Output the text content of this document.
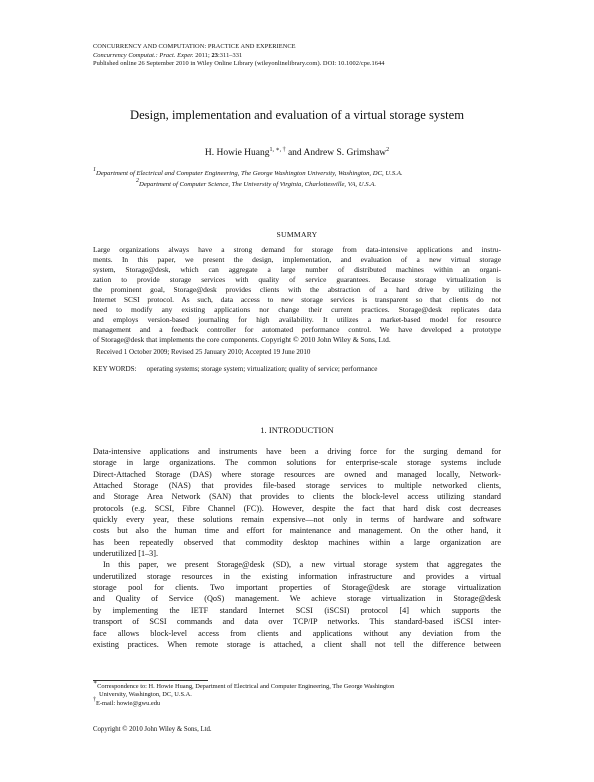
CONCURRENCY AND COMPUTATION: PRACTICE AND EXPERIENCE
Concurrency Computat.: Pract. Exper. 2011; 23:311–331
Published online 26 September 2010 in Wiley Online Library (wileyonlinelibrary.com). DOI: 10.1002/cpe.1644
Design, implementation and evaluation of a virtual storage system
H. Howie Huang$^{1, ∗, \dagger}$ and Andrew S. Grimshaw$^2$
$^1$Department of Electrical and Computer Engineering, The George Washington University, Washington, DC, U.S.A.
$^2$Department of Computer Science, The University of Virginia, Charlottesville, VA, U.S.A.
SUMMARY
Large organizations always have a strong demand for storage from data-intensive applications and instru-
ments. In this paper, we present the design, implementation, and evaluation of a new virtual storage
system, Storage@desk, which can aggregate a large number of distributed machines within an organi-
zation to provide storage services with quality of service guarantees. Because storage virtualization is
the prominent goal, Storage@desk provides clients with the abstraction of a hard drive by utilizing the
Internet SCSI protocol. As such, data access to new storage services is transparent so that clients do not
need to modify any existing applications nor change their current practices. Storage@desk replicates data
and employs version-based journaling for high availability. It utilizes a market-based model for resource
management and a feedback controller for automated performance control. We have developed a prototype
of Storage@desk that implements the core components. Copyright © 2010 John Wiley & Sons, Ltd.
Received 1 October 2009; Revised 25 January 2010; Accepted 19 June 2010
KEY WORDS: operating systems; storage system; virtualization; quality of service; performance
1. INTRODUCTION
Data-intensive applications and instruments have been a driving force for the surging demand for
storage in large organizations. The common solutions for enterprise-scale storage systems include
Direct-Attached Storage (DAS) where storage resources are owned and managed locally, Network-
Attached Storage (NAS) that provides file-based storage services to multiple networked clients,
and Storage Area Network (SAN) that provides to clients the block-level access utilizing standard
protocols (e.g. SCSI, Fibre Channel (FC)). However, despite the fact that hard disk cost decreases
quickly every year, these solutions remain expensive—not only in terms of hardware and software
costs but also the human time and effort for maintenance and management. On the other hand, it
has been repeatedly observed that commodity desktop machines within a large organization are
underutilized [1–3].
In this paper, we present Storage@desk (SD), a new virtual storage system that aggregates the
underutilized storage resources in the existing information infrastructure and provides a virtual
storage pool for clients. Two important properties of Storage@desk are storage virtualization
and Quality of Service (QoS) management. We achieve storage virtualization in Storage@desk
by implementing the IETF standard Internet SCSI (iSCSI) protocol [4] which supports the
transport of SCSI commands and data over TCP/IP networks. This standard-based iSCSI inter-
face allows block-level access from clients and applications without any deviation from the
existing practices. When remote storage is attached, a client shall not tell the difference between
∗Correspondence to: H. Howie Huang, Department of Electrical and Computer Engineering, The George Washington
University, Washington, DC, U.S.A.
†E-mail: howie@gwu.edu
Copyright © 2010 John Wiley & Sons, Ltd.
